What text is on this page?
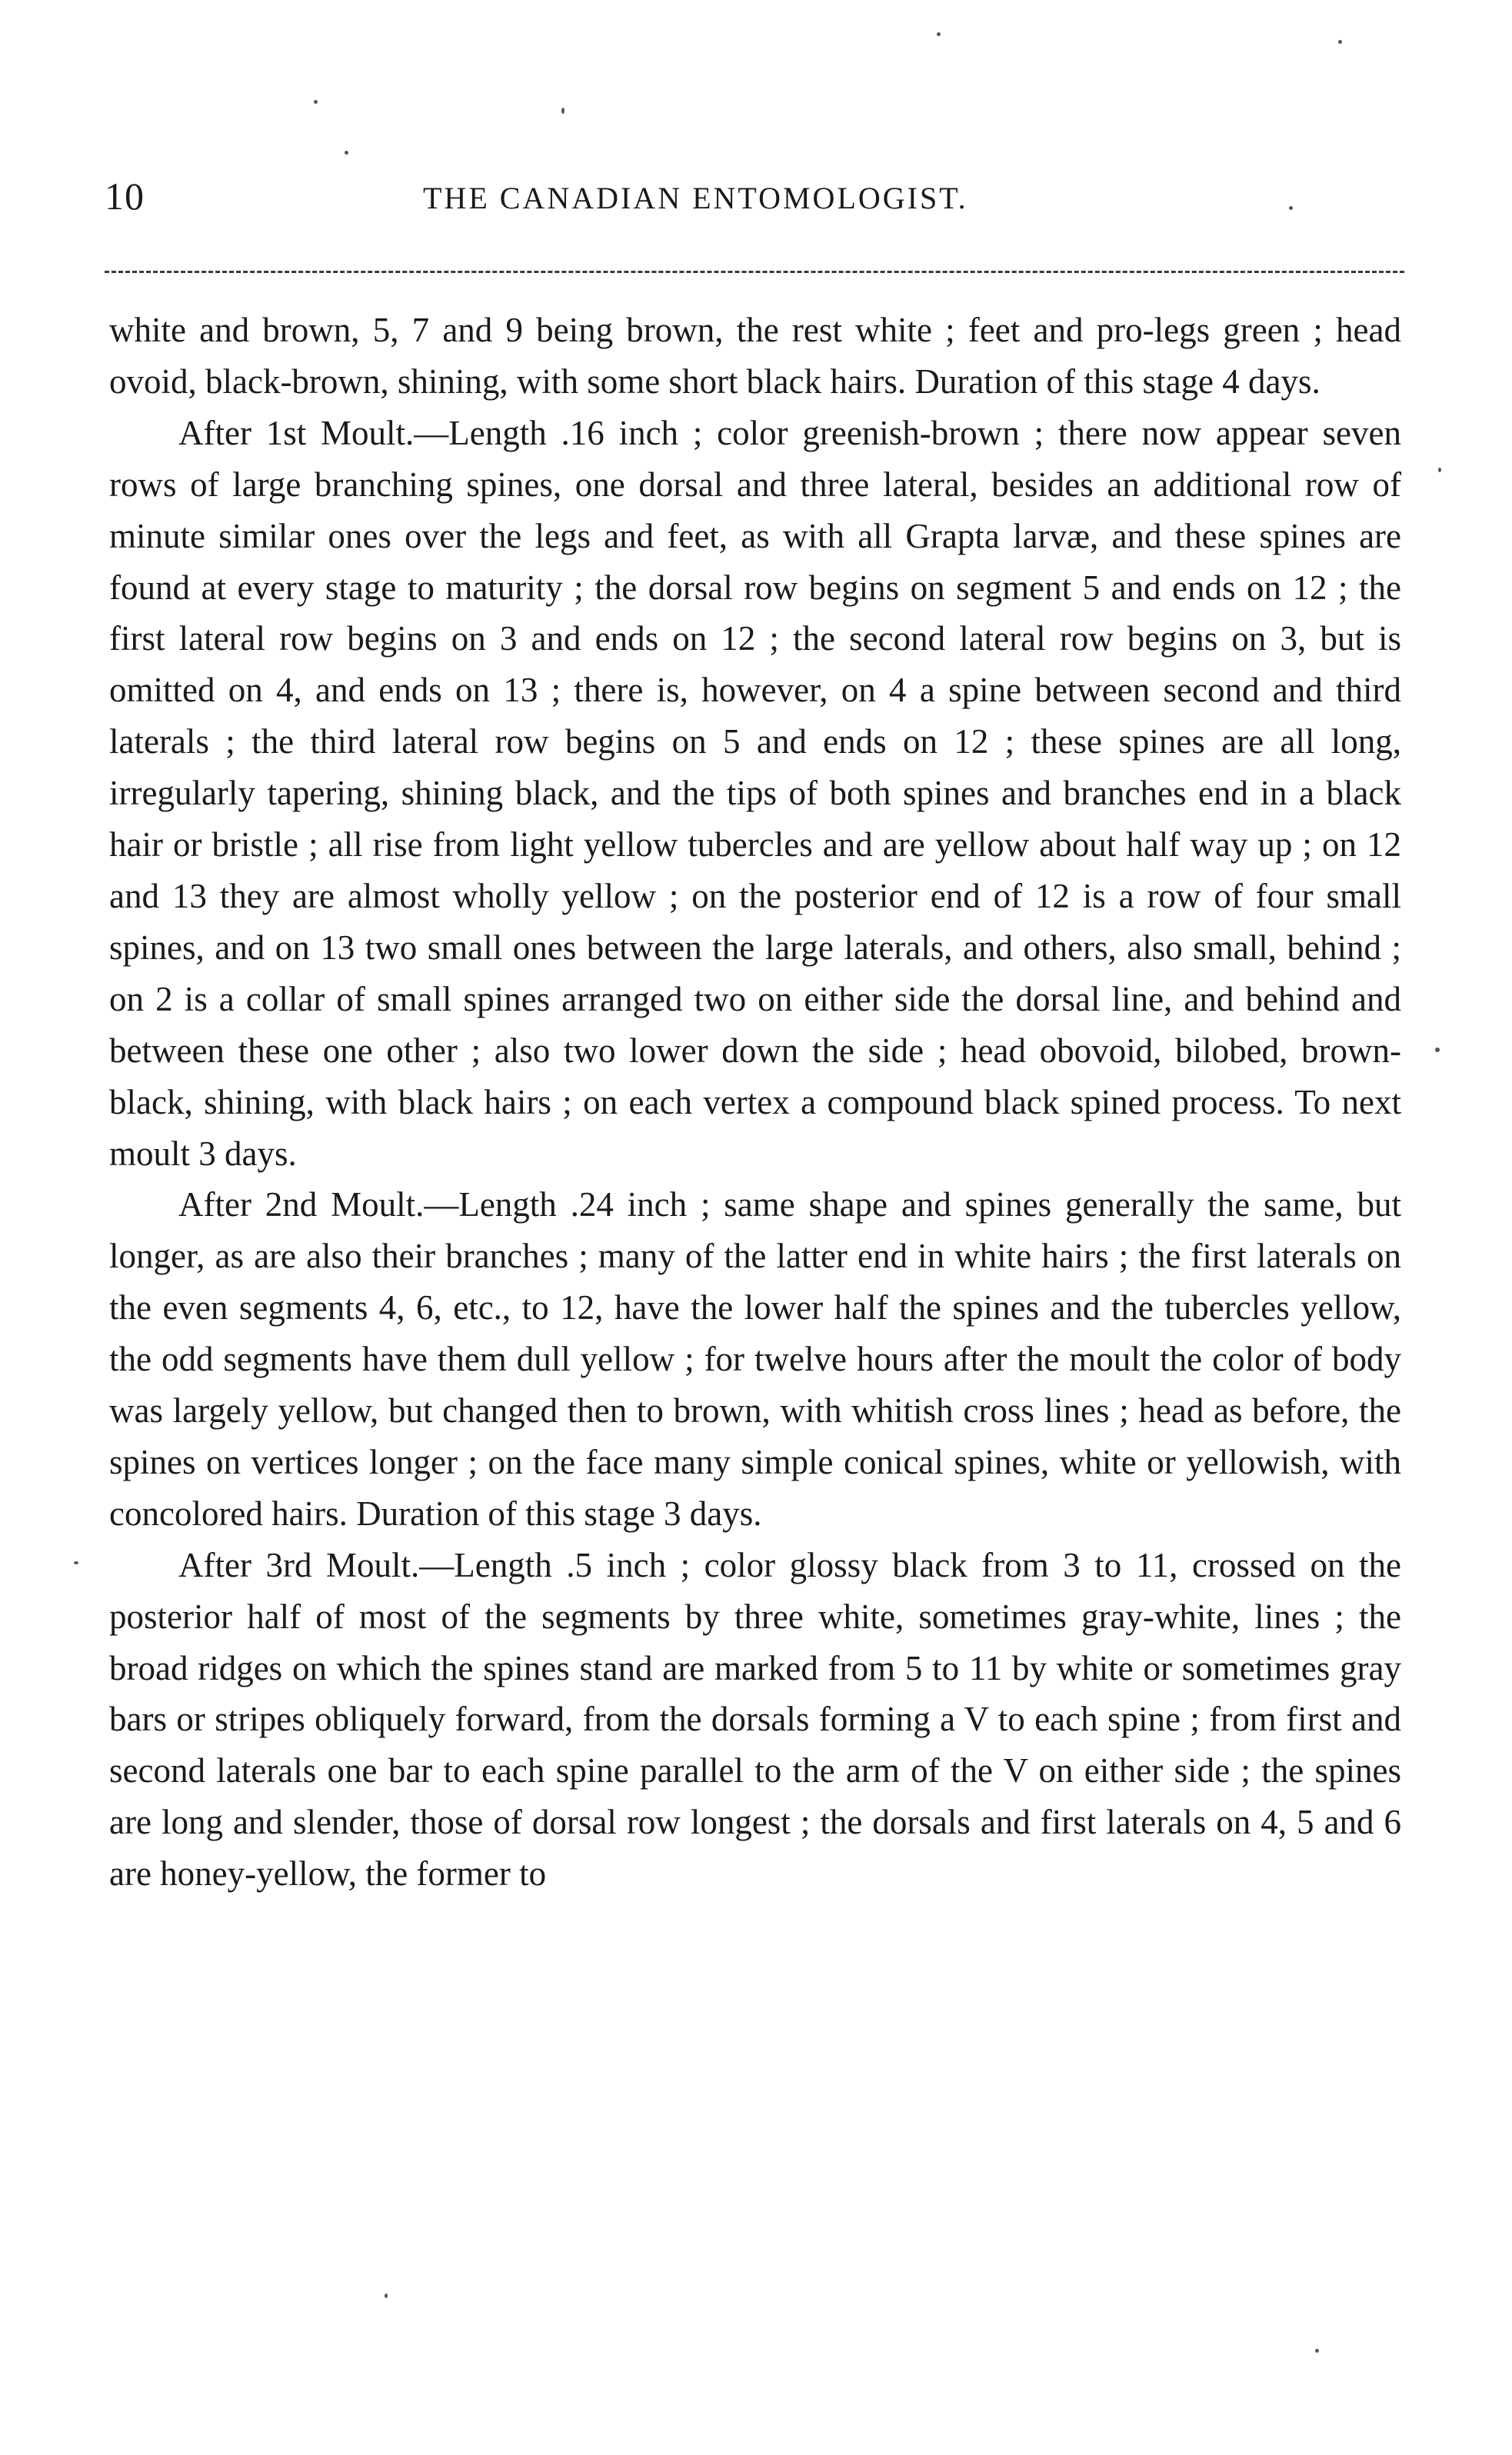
10	THE CANADIAN ENTOMOLOGIST.

white and brown, 5, 7 and 9 being brown, the rest white ; feet and pro-legs green ; head ovoid, black-brown, shining, with some short black hairs. Duration of this stage 4 days.

After 1st Moult.—Length .16 inch ; color greenish-brown ; there now appear seven rows of large branching spines, one dorsal and three lateral, besides an additional row of minute similar ones over the legs and feet, as with all Grapta larvæ, and these spines are found at every stage to maturity ; the dorsal row begins on segment 5 and ends on 12 ; the first lateral row begins on 3 and ends on 12 ; the second lateral row begins on 3, but is omitted on 4, and ends on 13 ; there is, however, on 4 a spine between second and third laterals ; the third lateral row begins on 5 and ends on 12 ; these spines are all long, irregularly tapering, shining black, and the tips of both spines and branches end in a black hair or bristle ; all rise from light yellow tubercles and are yellow about half way up ; on 12 and 13 they are almost wholly yellow ; on the posterior end of 12 is a row of four small spines, and on 13 two small ones between the large laterals, and others, also small, behind ; on 2 is a collar of small spines arranged two on either side the dorsal line, and behind and between these one other ; also two lower down the side ; head obovoid, bilobed, brown-black, shining, with black hairs ; on each vertex a compound black spined process. To next moult 3 days.

After 2nd Moult.—Length .24 inch ; same shape and spines generally the same, but longer, as are also their branches ; many of the latter end in white hairs ; the first laterals on the even segments 4, 6, etc., to 12, have the lower half the spines and the tubercles yellow, the odd segments have them dull yellow ; for twelve hours after the moult the color of body was largely yellow, but changed then to brown, with whitish cross lines ; head as before, the spines on vertices longer ; on the face many simple conical spines, white or yellowish, with concolored hairs. Duration of this stage 3 days.

After 3rd Moult.—Length .5 inch ; color glossy black from 3 to 11, crossed on the posterior half of most of the segments by three white, sometimes gray-white, lines ; the broad ridges on which the spines stand are marked from 5 to 11 by white or sometimes gray bars or stripes obliquely forward, from the dorsals forming a V to each spine ; from first and second laterals one bar to each spine parallel to the arm of the V on either side ; the spines are long and slender, those of dorsal row longest ; the dorsals and first laterals on 4, 5 and 6 are honey-yellow, the former to
